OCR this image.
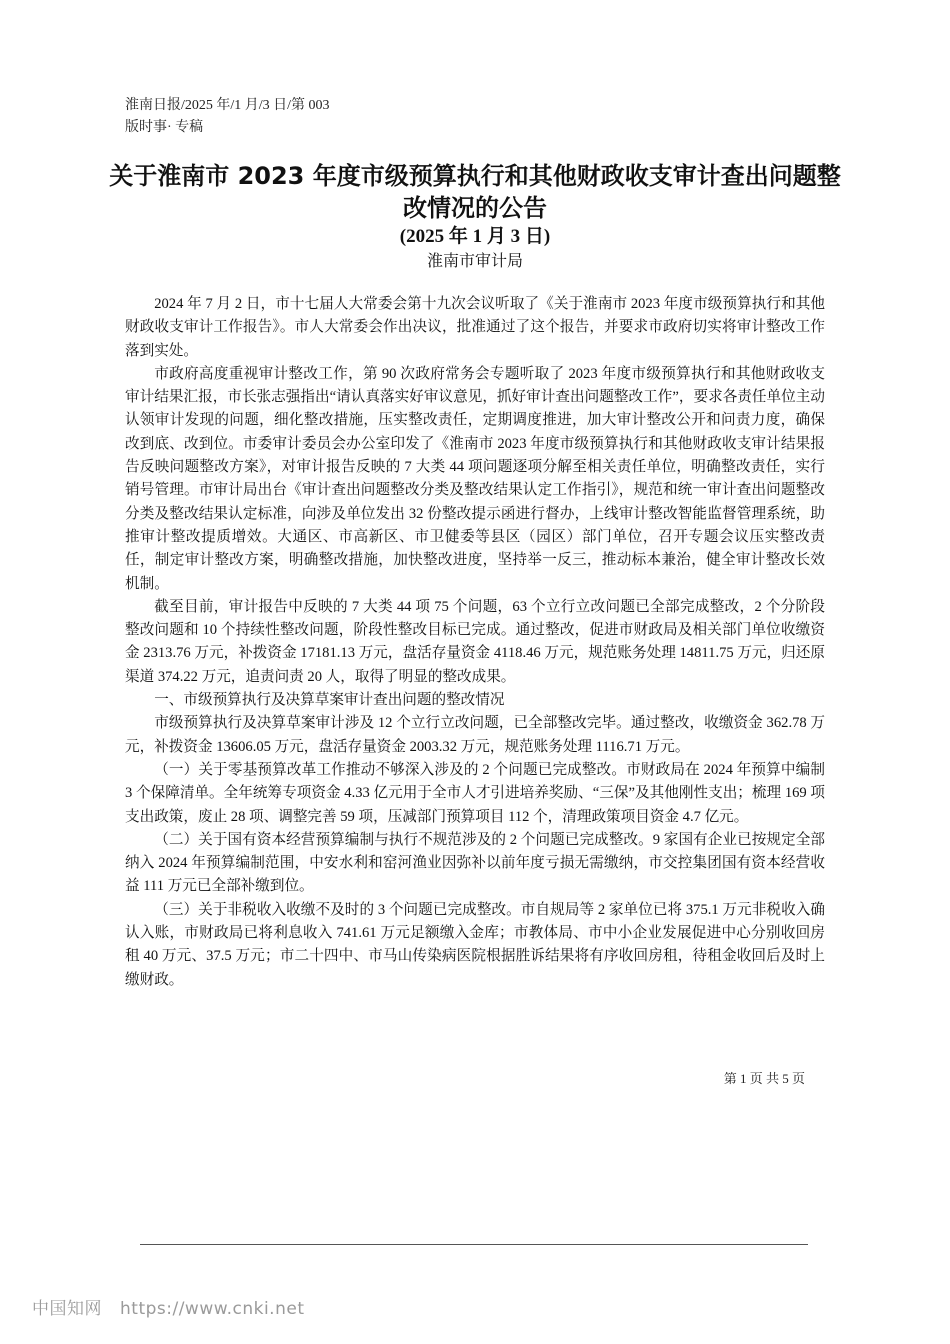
淮南日报/2025 年/1 月/3 日/第 003
版时事· 专稿
关于淮南市 2023 年度市级预算执行和其他财政收支审计查出问题整改情况的公告
(2025 年 1 月 3 日)
淮南市审计局

2024 年 7 月 2 日，市十七届人大常委会第十九次会议听取了《关于淮南市 2023 年度市级预算执行和其他财政收支审计工作报告》。市人大常委会作出决议，批准通过了这个报告，并要求市政府切实将审计整改工作落到实处。

市政府高度重视审计整改工作，第 90 次政府常务会专题听取了 2023 年度市级预算执行和其他财政收支审计结果汇报，市长张志强指出“请认真落实好审议意见，抓好审计查出问题整改工作”，要求各责任单位主动认领审计发现的问题，细化整改措施，压实整改责任，定期调度推进，加大审计整改公开和问责力度，确保改到底、改到位。市委审计委员会办公室印发了《淮南市 2023 年度市级预算执行和其他财政收支审计结果报告反映问题整改方案》，对审计报告反映的 7 大类 44 项问题逐项分解至相关责任单位，明确整改责任，实行销号管理。市审计局出台《审计查出问题整改分类及整改结果认定工作指引》，规范和统一审计查出问题整改分类及整改结果认定标准，向涉及单位发出 32 份整改提示函进行督办，上线审计整改智能监督管理系统，助推审计整改提质增效。大通区、市高新区、市卫健委等县区（园区）部门单位，召开专题会议压实整改责任，制定审计整改方案，明确整改措施，加快整改进度，坚持举一反三，推动标本兼治，健全审计整改长效机制。

截至目前，审计报告中反映的 7 大类 44 项 75 个问题，63 个立行立改问题已全部完成整改，2 个分阶段整改问题和 10 个持续性整改问题，阶段性整改目标已完成。通过整改，促进市财政局及相关部门单位收缴资金 2313.76 万元，补拨资金 17181.13 万元，盘活存量资金 4118.46 万元，规范账务处理 14811.75 万元，归还原渠道 374.22 万元，追责问责 20 人，取得了明显的整改成果。

一、市级预算执行及决算草案审计查出问题的整改情况

市级预算执行及决算草案审计涉及 12 个立行立改问题，已全部整改完毕。通过整改，收缴资金 362.78 万元，补拨资金 13606.05 万元，盘活存量资金 2003.32 万元，规范账务处理 1116.71 万元。

（一）关于零基预算改革工作推动不够深入涉及的 2 个问题已完成整改。市财政局在 2024 年预算中编制 3 个保障清单。全年统筹专项资金 4.33 亿元用于全市人才引进培养奖励、“三保”及其他刚性支出；梳理 169 项支出政策，废止 28 项、调整完善 59 项，压减部门预算项目 112 个，清理政策项目资金 4.7 亿元。

（二）关于国有资本经营预算编制与执行不规范涉及的 2 个问题已完成整改。9 家国有企业已按规定全部纳入 2024 年预算编制范围，中安水利和窑河渔业因弥补以前年度亏损无需缴纳，市交控集团国有资本经营收益 111 万元已全部补缴到位。

（三）关于非税收入收缴不及时的 3 个问题已完成整改。市自规局等 2 家单位已将 375.1 万元非税收入确认入账，市财政局已将利息收入 741.61 万元足额缴入金库；市教体局、市中小企业发展促进中心分别收回房租 40 万元、37.5 万元；市二十四中、市马山传染病医院根据胜诉结果将有序收回房租，待租金收回后及时上缴财政。

第 1 页 共 5 页
中国知网 https://www.cnki.net
